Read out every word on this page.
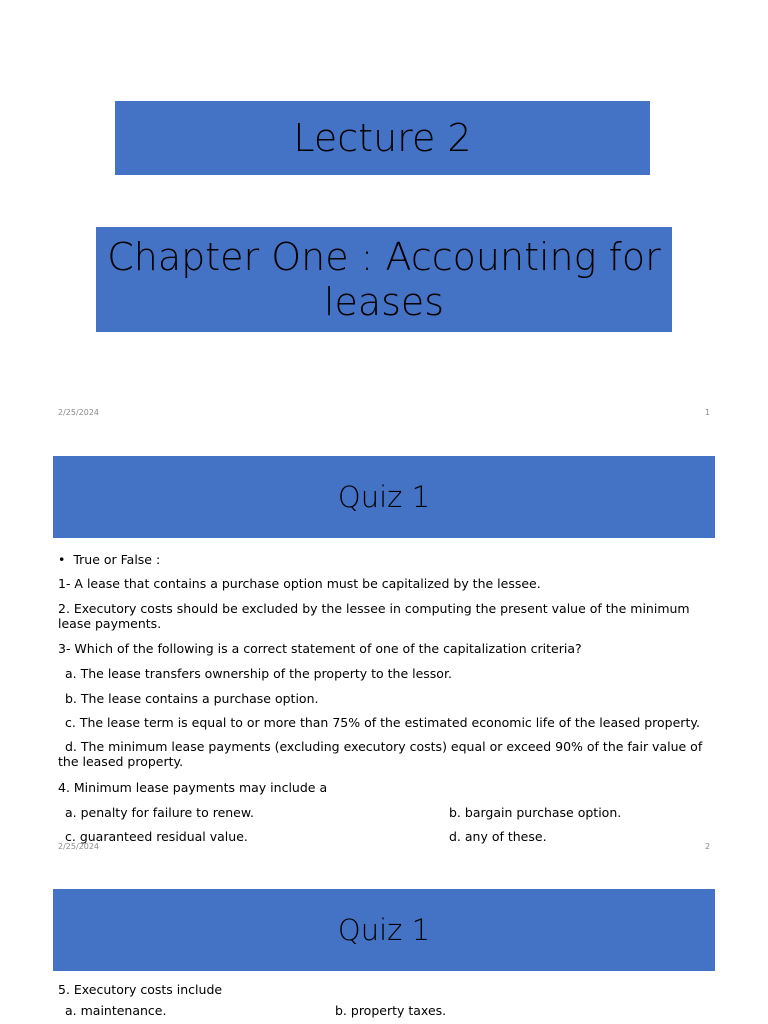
Lecture 2
Chapter One : Accounting for leases
2/25/2024	1
Quiz 1
•  True or False :
1- A lease that contains a purchase option must be capitalized by the lessee.
2. Executory costs should be excluded by the lessee in computing the present value of the minimum lease payments.
3- Which of the following is a correct statement of one of the capitalization criteria?
a. The lease transfers ownership of the property to the lessor.
b. The lease contains a purchase option.
c. The lease term is equal to or more than 75% of the estimated economic life of the leased property.
d. The minimum lease payments (excluding executory costs) equal or exceed 90% of the fair value of the leased property.
4. Minimum lease payments may include a
a. penalty for failure to renew.	b. bargain purchase option.
c. guaranteed residual value.	d. any of these.
2/25/2024	2
Quiz 1
5. Executory costs include
a. maintenance.	b. property taxes.
